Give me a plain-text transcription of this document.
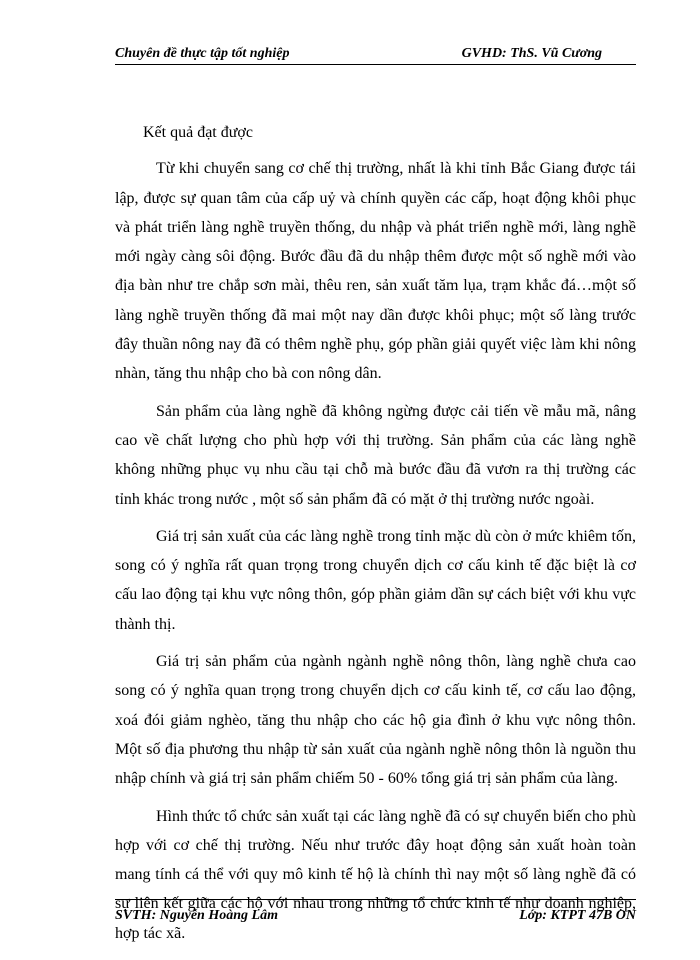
Chuyên đề thực tập tốt nghiệp	GVHD: ThS. Vũ Cương

Kết quả đạt được

Từ khi chuyển sang cơ chế thị trường, nhất là khi tỉnh Bắc Giang được tái lập, được sự quan tâm của cấp uỷ và chính quyền các cấp, hoạt động khôi phục và phát triển làng nghề truyền thống, du nhập và phát triển nghề mới, làng nghề mới ngày càng sôi động. Bước đầu đã du nhập thêm được một số nghề mới vào địa bàn như tre chắp sơn mài, thêu ren, sản xuất tăm lụa, trạm khắc đá…một số làng nghề truyền thống đã mai một nay dần được khôi phục; một số làng trước đây thuần nông nay đã có thêm nghề phụ, góp phần giải quyết việc làm khi nông nhàn, tăng thu nhập cho bà con nông dân.

Sản phẩm của làng nghề đã không ngừng được cải tiến về mẫu mã, nâng cao về chất lượng cho phù hợp với thị trường. Sản phẩm của các làng nghề không những phục vụ nhu cầu tại chỗ mà bước đầu đã vươn ra thị trường các tỉnh khác trong nước , một số sản phẩm đã có mặt ở thị trường nước ngoài.

Giá trị sản xuất của các làng nghề trong tỉnh mặc dù còn ở mức khiêm tốn, song có ý nghĩa rất quan trọng trong chuyển dịch cơ cấu kinh tế đặc biệt là cơ cấu lao động tại khu vực nông thôn, góp phần giảm dần sự cách biệt với khu vực thành thị.

Giá trị sản phẩm của ngành ngành nghề nông thôn, làng nghề chưa cao song có ý nghĩa quan trọng trong chuyển dịch cơ cấu kinh tế, cơ cấu lao động, xoá đói giảm nghèo, tăng thu nhập cho các hộ gia đình ở khu vực nông thôn. Một số địa phương thu nhập từ sản xuất của ngành nghề nông thôn là nguồn thu nhập chính và giá trị sản phẩm chiếm 50 - 60% tổng giá trị sản phẩm của làng.

Hình thức tổ chức sản xuất tại các làng nghề đã có sự chuyển biến cho phù hợp với cơ chế thị trường. Nếu như trước đây hoạt động sản xuất hoàn toàn mang tính cá thể với quy mô kinh tế hộ là chính thì nay một số làng nghề đã có sự liên kết giữa các hộ với nhau trong những tổ chức kinh tế như doanh nghiệp, hợp tác xã.

SVTH: Nguyễn Hoàng Lâm	Lớp: KTPT 47B ON
